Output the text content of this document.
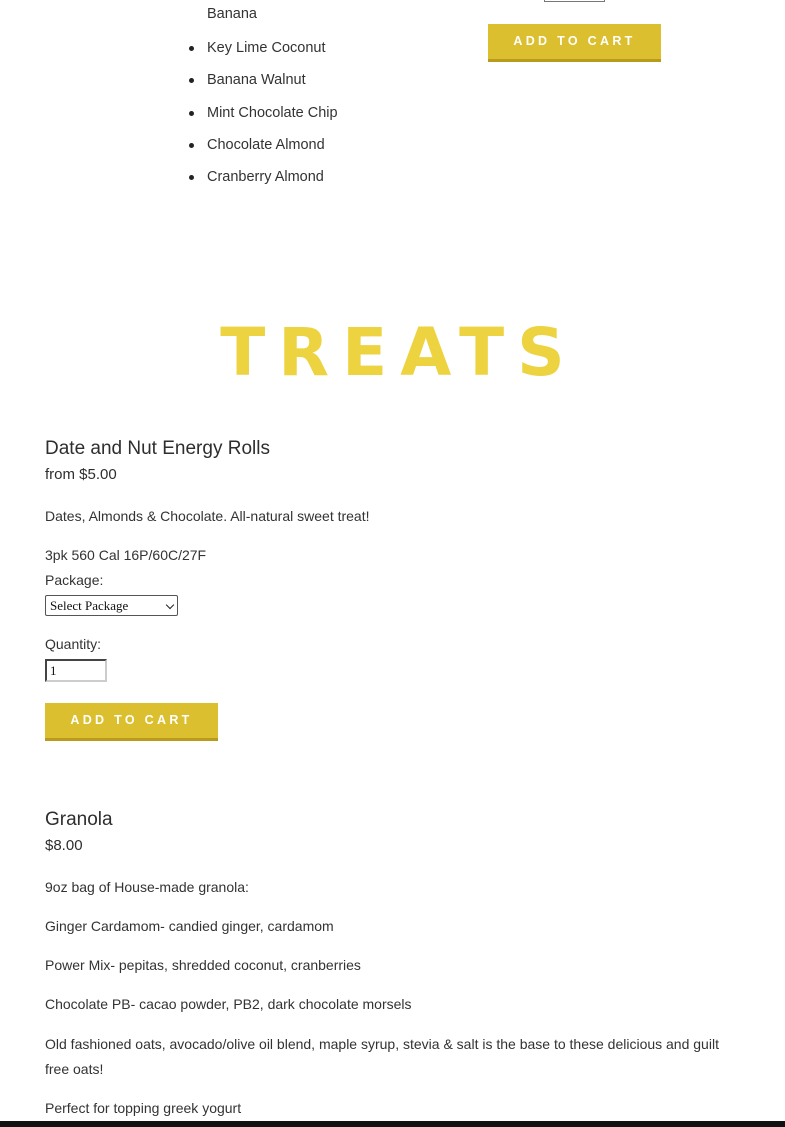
Banana
Key Lime Coconut
Banana Walnut
Mint Chocolate Chip
Chocolate Almond
Cranberry Almond
ADD TO CART
TREATS
Date and Nut Energy Rolls
from $5.00

Dates, Almonds & Chocolate. All-natural sweet treat!

3pk 560 Cal 16P/60C/27F

Package:
Select Package
Quantity:
1
ADD TO CART
Granola
$8.00

9oz bag of House-made granola:

Ginger Cardamom- candied ginger, cardamom

Power Mix- pepitas, shredded coconut, cranberries

Chocolate PB- cacao powder, PB2, dark chocolate morsels

Old fashioned oats, avocado/olive oil blend, maple syrup, stevia & salt is the base to these delicious and guilt free oats!

Perfect for topping greek yogurt
